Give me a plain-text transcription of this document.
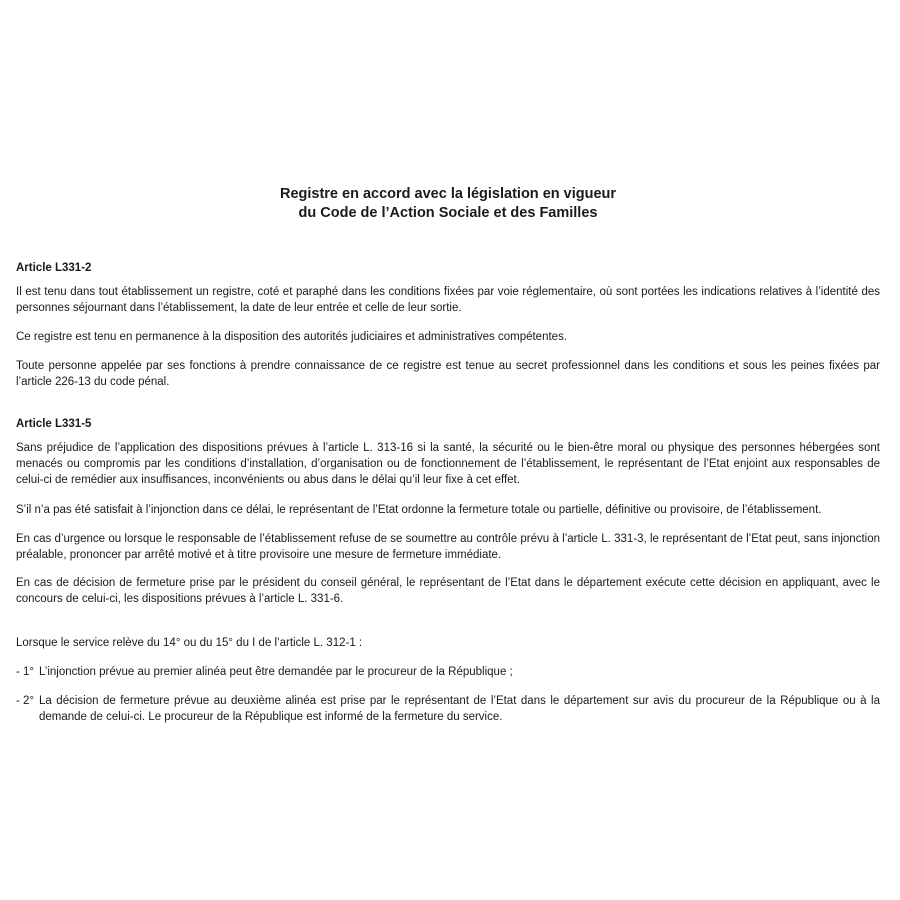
Registre en accord avec la législation en vigueur
du Code de l’Action Sociale et des Familles
Article L331-2

Il est tenu dans tout établissement un registre, coté et paraphé dans les conditions fixées par voie réglementaire, où sont portées les indications relatives à l’identité des personnes séjournant dans l’établissement, la date de leur entrée et celle de leur sortie.

Ce registre est tenu en permanence à la disposition des autorités judiciaires et administratives compétentes.

Toute personne appelée par ses fonctions à prendre connaissance de ce registre est tenue au secret professionnel dans les conditions et sous les peines fixées par l’article 226-13 du code pénal.

Article L331-5

Sans préjudice de l’application des dispositions prévues à l’article L. 313-16 si la santé, la sécurité ou le bien-être moral ou physique des personnes hébergées sont menacés ou compromis par les conditions d’installation, d’organisation ou de fonctionnement de l’établissement, le représentant de l’Etat enjoint aux responsables de celui-ci de remédier aux insuffisances, inconvénients ou abus dans le délai qu’il leur fixe à cet effet.

S’il n’a pas été satisfait à l’injonction dans ce délai, le représentant de l’Etat ordonne la fermeture totale ou partielle, définitive ou provisoire, de l’établissement.

En cas d’urgence ou lorsque le responsable de l’établissement refuse de se soumettre au contrôle prévu à l’article L. 331-3, le représentant de l’Etat peut, sans injonction préalable, prononcer par arrêté motivé et à titre provisoire une mesure de fermeture immédiate.

En cas de décision de fermeture prise par le président du conseil général, le représentant de l’Etat dans le département exécute cette décision en appliquant, avec le concours de celui-ci, les dispositions prévues à l’article L. 331-6.

Lorsque le service relève du 14° ou du 15° du I de l’article L. 312-1 :

- 1° L’injonction prévue au premier alinéa peut être demandée par le procureur de la République ;
- 2° La décision de fermeture prévue au deuxième alinéa est prise par le représentant de l’Etat dans le département sur avis du procureur de la République ou à la demande de celui-ci. Le procureur de la République est informé de la fermeture du service.
